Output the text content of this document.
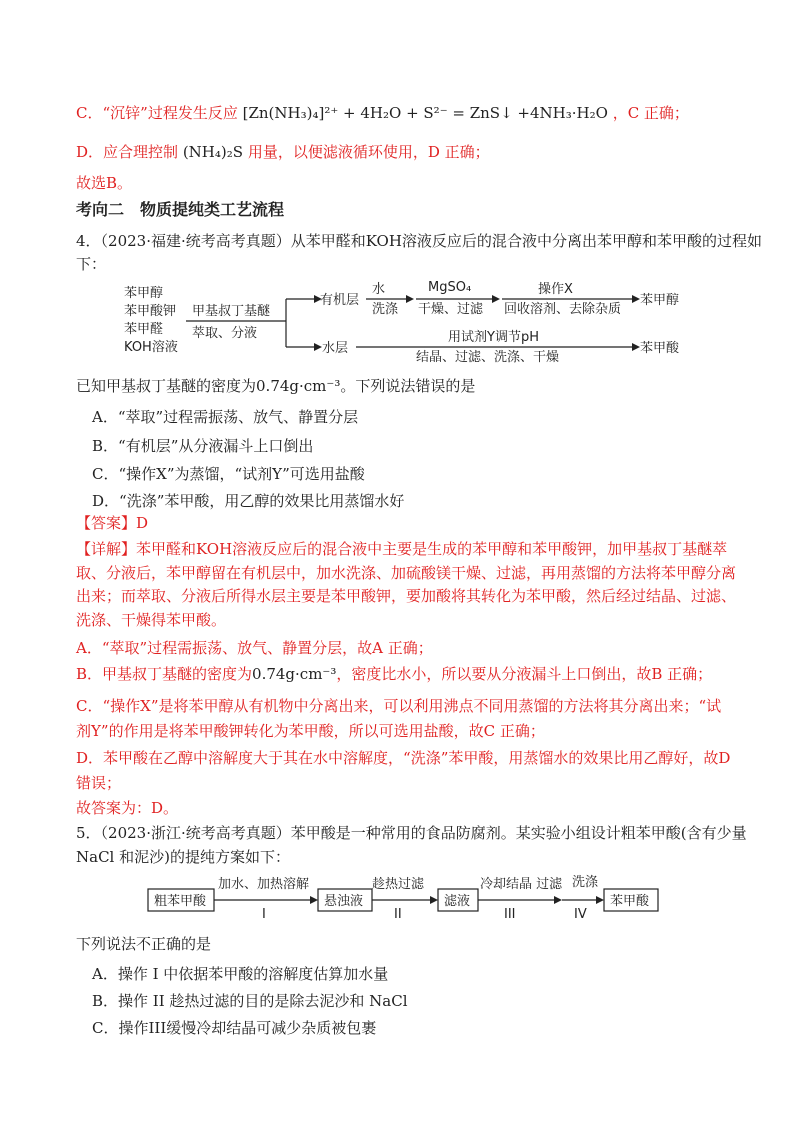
C．“沉锌”过程发生反应 [Zn(NH₃)₄]²⁺ + 4H₂O + S²⁻ = ZnS↓ +4NH₃·H₂O ，C 正确；
D．应合理控制 (NH₄)₂S 用量，以便滤液循环使用，D 正确；
故选B。
考向二　物质提纯类工艺流程
4．（2023·福建·统考高考真题）从苯甲醛和KOH溶液反应后的混合液中分离出苯甲醇和苯甲酸的过程如
下：
苯甲醇
苯甲酸钾
苯甲醛
KOH溶液
甲基叔丁基醚
萃取、分液
有机层
水
洗涤
MgSO₄
干燥、过滤
操作X
回收溶剂、去除杂质
苯甲醇
水层
用试剂Y调节pH
结晶、过滤、洗涤、干燥
苯甲酸
已知甲基叔丁基醚的密度为0.74g·cm⁻³。下列说法错误的是
A．“萃取”过程需振荡、放气、静置分层
B．“有机层”从分液漏斗上口倒出
C．“操作X”为蒸馏，“试剂Y”可选用盐酸
D．“洗涤”苯甲酸，用乙醇的效果比用蒸馏水好
【答案】D
【详解】苯甲醛和KOH溶液反应后的混合液中主要是生成的苯甲醇和苯甲酸钾，加甲基叔丁基醚萃取、分液后，苯甲醇留在有机层中，加水洗涤、加硫酸镁干燥、过滤，再用蒸馏的方法将苯甲醇分离出来；而萃取、分液后所得水层主要是苯甲酸钾，要加酸将其转化为苯甲酸，然后经过结晶、过滤、洗涤、干燥得苯甲酸。
A．“萃取”过程需振荡、放气、静置分层，故A 正确；
B．甲基叔丁基醚的密度为0.74g·cm⁻³，密度比水小，所以要从分液漏斗上口倒出，故B 正确；
C．“操作X”是将苯甲醇从有机物中分离出来，可以利用沸点不同用蒸馏的方法将其分离出来；“试剂Y”的作用是将苯甲酸钾转化为苯甲酸，所以可选用盐酸，故C 正确；
D．苯甲酸在乙醇中溶解度大于其在水中溶解度，“洗涤”苯甲酸，用蒸馏水的效果比用乙醇好，故D 错误；
故答案为：D。
5．（2023·浙江·统考高考真题）苯甲酸是一种常用的食品防腐剂。某实验小组设计粗苯甲酸(含有少量
NaCl 和泥沙)的提纯方案如下：
粗苯甲酸
加水、加热溶解
I
悬浊液
趁热过滤
II
滤液
冷却结晶 过滤
III
洗涤
IV
苯甲酸
下列说法不正确的是
A．操作 I 中依据苯甲酸的溶解度估算加水量
B．操作 II 趁热过滤的目的是除去泥沙和 NaCl
C．操作III缓慢冷却结晶可减少杂质被包裹
